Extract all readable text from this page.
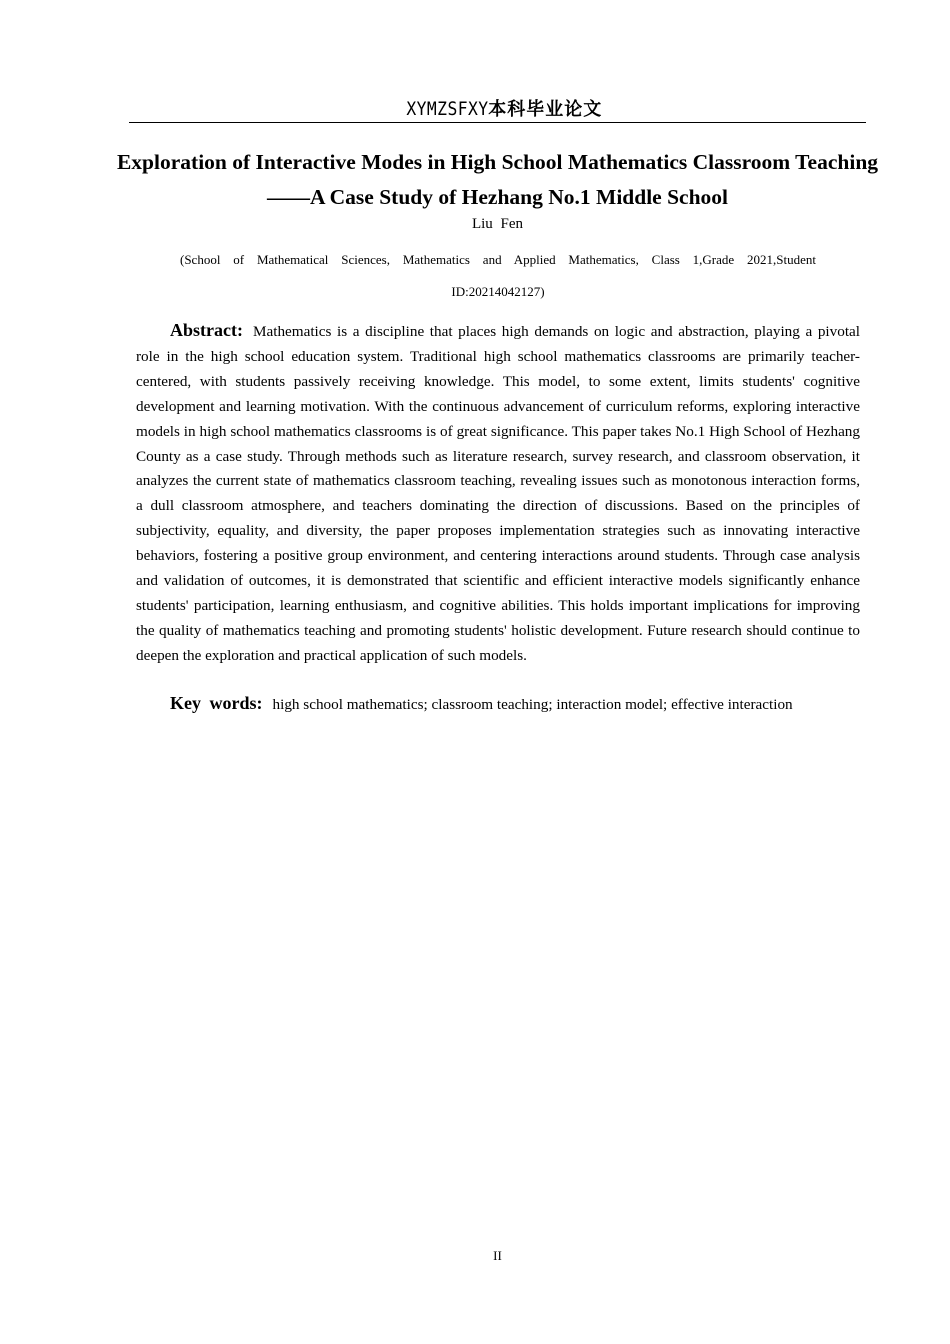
XYMZSFXY本科毕业论文
Exploration of Interactive Modes in High School Mathematics Classroom Teaching——A Case Study of Hezhang No.1 Middle School
Liu Fen
(School of Mathematical Sciences, Mathematics and Applied Mathematics, Class 1,Grade 2021,Student ID:20214042127)

Abstract: Mathematics is a discipline that places high demands on logic and abstraction, playing a pivotal role in the high school education system. Traditional high school mathematics classrooms are primarily teacher-centered, with students passively receiving knowledge. This model, to some extent, limits students' cognitive development and learning motivation. With the continuous advancement of curriculum reforms, exploring interactive models in high school mathematics classrooms is of great significance. This paper takes No.1 High School of Hezhang County as a case study. Through methods such as literature research, survey research, and classroom observation, it analyzes the current state of mathematics classroom teaching, revealing issues such as monotonous interaction forms, a dull classroom atmosphere, and teachers dominating the direction of discussions. Based on the principles of subjectivity, equality, and diversity, the paper proposes implementation strategies such as innovating interactive behaviors, fostering a positive group environment, and centering interactions around students. Through case analysis and validation of outcomes, it is demonstrated that scientific and efficient interactive models significantly enhance students' participation, learning enthusiasm, and cognitive abilities. This holds important implications for improving the quality of mathematics teaching and promoting students' holistic development. Future research should continue to deepen the exploration and practical application of such models.

Key words: high school mathematics; classroom teaching; interaction model; effective interaction

II
